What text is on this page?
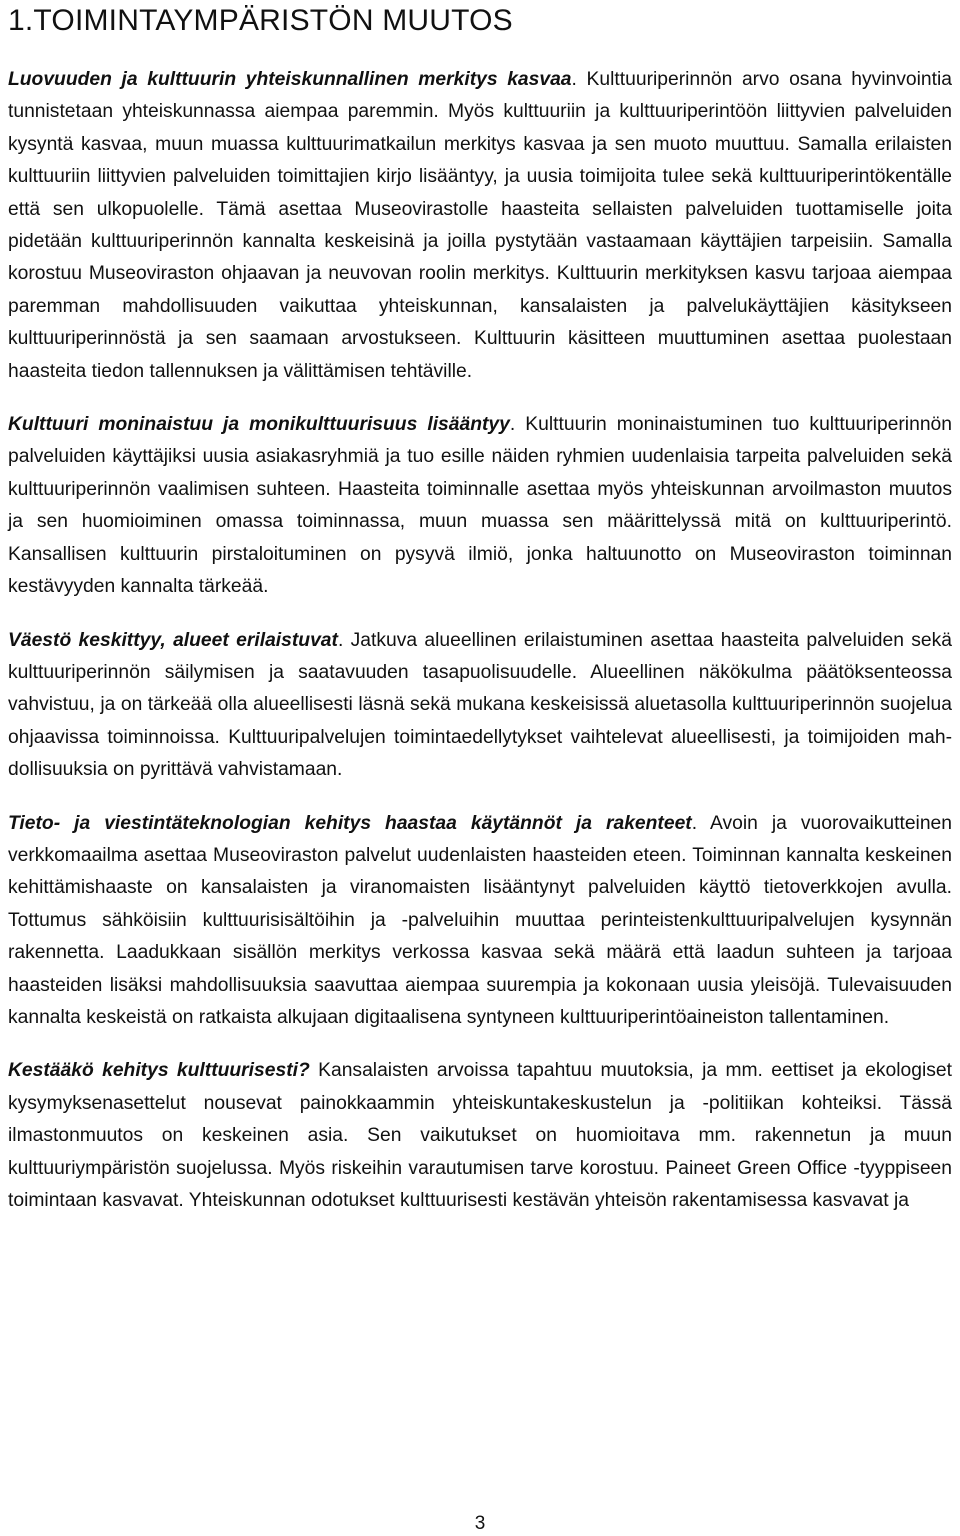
1.TOIMINTAYMPÄRISTÖN MUUTOS

Luovuuden ja kulttuurin yhteiskunnallinen merkitys kasvaa. Kulttuuriperinnön arvo osana hyvinvointia tunnistetaan yhteiskunnassa aiempaa paremmin. Myös kulttuuriin ja kulttuuriperintöön liittyvien palveluiden kysyntä kasvaa, muun muassa kulttuurimatkailun merkitys kasvaa ja sen muoto muuttuu. Samalla erilaisten kulttuuriin liittyvien palveluiden toimittajien kirjo lisääntyy, ja uusia toimijoita tulee sekä kulttuuriperintökentälle että sen ulkopuolelle. Tämä asettaa Museovirastolle haasteita sellaisten palveluiden tuottamiselle joita pidetään kulttuuriperinnön kannalta keskeisinä ja joilla pystytään vastaamaan käyttäjien tarpeisiin. Samalla korostuu Museoviraston ohjaavan ja neuvovan roolin merkitys. Kulttuurin merkityksen kasvu tarjoaa aiempaa paremman mahdollisuuden vaikuttaa yhteiskunnan, kansalaisten ja palvelukäyttäjien käsitykseen kulttuuriperinnöstä ja sen saamaan arvostukseen. Kulttuurin käsitteen muuttuminen asettaa puolestaan haasteita tiedon tallennuksen ja välittämisen tehtäville.

Kulttuuri moninaistuu ja monikulttuurisuus lisääntyy. Kulttuurin moninaistuminen tuo kulttuuriperinnön palveluiden käyttäjiksi uusia asiakasryhmiä ja tuo esille näiden ryhmien uudenlaisia tarpeita palveluiden sekä kulttuuriperinnön vaalimisen suhteen. Haasteita toiminnalle asettaa myös yhteiskunnan arvoilmaston muutos ja sen huomioiminen omassa toiminnassa, muun muassa sen määrittelyssä mitä on kulttuuriperintö. Kansallisen kulttuurin pirstaloituminen on pysyvä ilmiö, jonka haltuunotto on Museoviraston toiminnan kestävyyden kannalta tärkeää.

Väestö keskittyy, alueet erilaistuvat. Jatkuva alueellinen erilaistuminen asettaa haasteita palveluiden sekä kulttuuriperinnön säilymisen ja saatavuuden tasapuolisuudelle. Alueellinen näkökulma päätöksenteossa vahvistuu, ja on tärkeää olla alueellisesti läsnä sekä mukana keskeisissä aluetasolla kulttuuriperinnön suojelua ohjaavissa toiminnoissa. Kulttuuripalvelujen toimintaedellytykset vaihtelevat alueellisesti, ja toimijoiden mahdollisuuksia on pyrittävä vahvistamaan.

Tieto- ja viestintäteknologian kehitys haastaa käytännöt ja rakenteet. Avoin ja vuorovaikutteinen verkkomaailma asettaa Museoviraston palvelut uudenlaisten haasteiden eteen. Toiminnan kannalta keskeinen kehittämishaaste on kansalaisten ja viranomaisten lisääntynyt palveluiden käyttö tietoverkkojen avulla. Tottumus sähköisiin kulttuurisisältöihin ja -palveluihin muuttaa perinteistenkulttuuripalvelujen kysynnän rakennetta. Laadukkaan sisällön merkitys verkossa kasvaa sekä määrä että laadun suhteen ja tarjoaa haasteiden lisäksi mahdollisuuksia saavuttaa aiempaa suurempia ja kokonaan uusia yleisöjä. Tulevaisuuden kannalta keskeistä on ratkaista alkujaan digitaalisena syntyneen kulttuuriperintöaineiston tallentaminen.

Kestääkö kehitys kulttuurisesti? Kansalaisten arvoissa tapahtuu muutoksia, ja mm. eettiset ja ekologiset kysymyksenasettelut nousevat painokkaammin yhteiskuntakeskustelun ja -politiikan kohteiksi. Tässä ilmastonmuutos on keskeinen asia. Sen vaikutukset on huomioitava mm. rakennetun ja muun kulttuuriympäristön suojelussa. Myös riskeihin varautumisen tarve korostuu. Paineet Green Office -tyyppiseen toimintaan kasvavat. Yhteiskunnan odotukset kulttuurisesti kestävän yhteisön rakentamisessa kasvavat ja

3
